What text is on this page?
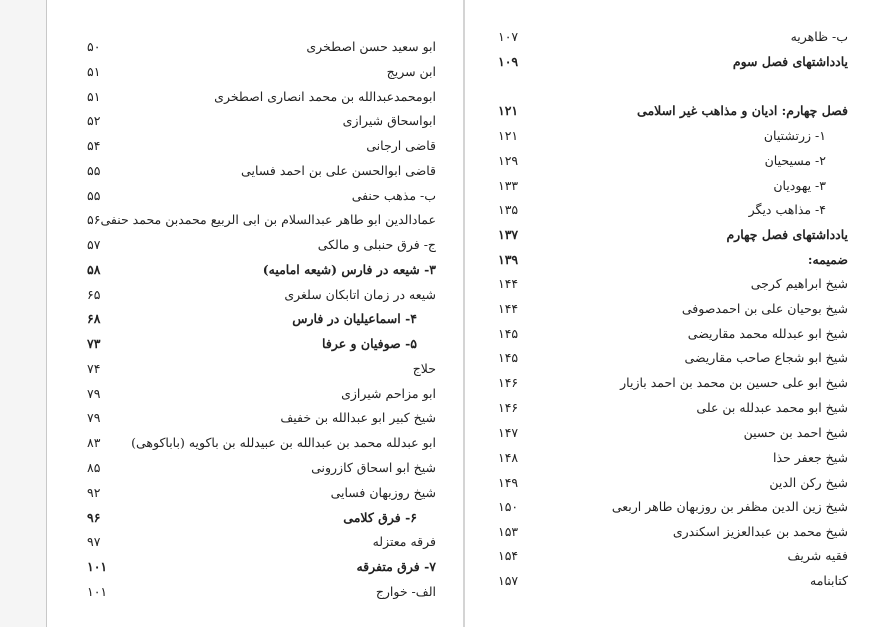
ابو سعید حسن اصطخری
۵۰
ابن سریج
۵۱
ابومحمدعبدالله بن محمد انصاری اصطخری
۵۱
ابواسحاق شیرازی
۵۲
قاضی ارجانی
۵۴
قاضی ابوالحسن علی بن احمد فسایی
۵۵
ب- مذهب حنفی
۵۵
عمادالدین ابو طاهر عبدالسلام بن ابی الربیع محمدبن محمد حنفی
۵۶
ج- فرق حنبلی و مالکی
۵۷
۳- شیعه در فارس (شیعه امامیه)
۵۸
شیعه در زمان اتابکان سلغری
۶۵
۴- اسماعیلیان در فارس
۶۸
۵- صوفیان و عرفا
۷۳
حلاج
۷۴
ابو مزاحم شیرازی
۷۹
شیخ کبیر ابو عبدالله بن خفیف
۷۹
ابو عبدلله محمد بن عبدالله بن عبیدلله بن باکویه (باباکوهی)
۸۳
شیخ ابو اسحاق کازرونی
۸۵
شیخ روزبهان فسایی
۹۲
۶- فرق کلامی
۹۶
فرقه معتزله
۹۷
۷- فرق متفرقه
۱۰۱
الف- خوارج
۱۰۱
ب- ظاهریه
۱۰۷
یادداشتهای فصل سوم
۱۰۹
فصل چهارم: ادیان و مذاهب غیر اسلامی
۱۲۱
۱- زرتشتیان
۱۲۱
۲- مسیحیان
۱۲۹
۳- یهودیان
۱۳۳
۴- مذاهب دیگر
۱۳۵
یادداشتهای فصل چهارم
۱۳۷
ضمیمه:
۱۳۹
شیخ ابراهیم کرجی
۱۴۴
شیخ بوحیان علی بن احمدصوفی
۱۴۴
شیخ ابو عبدلله محمد مقاریضی
۱۴۵
شیخ ابو شجاع صاحب مقاریضی
۱۴۵
شیخ ابو علی حسین بن محمد بن احمد بازیار
۱۴۶
شیخ ابو محمد عبدلله بن علی
۱۴۶
شیخ احمد بن حسین
۱۴۷
شیخ جعفر حذا
۱۴۸
شیخ رکن الدین
۱۴۹
شیخ زین الدین مظفر بن روزبهان طاهر اربعی
۱۵۰
شیخ محمد بن عبدالعزیز اسکندری
۱۵۳
فقیه شریف
۱۵۴
کتابنامه
۱۵۷
